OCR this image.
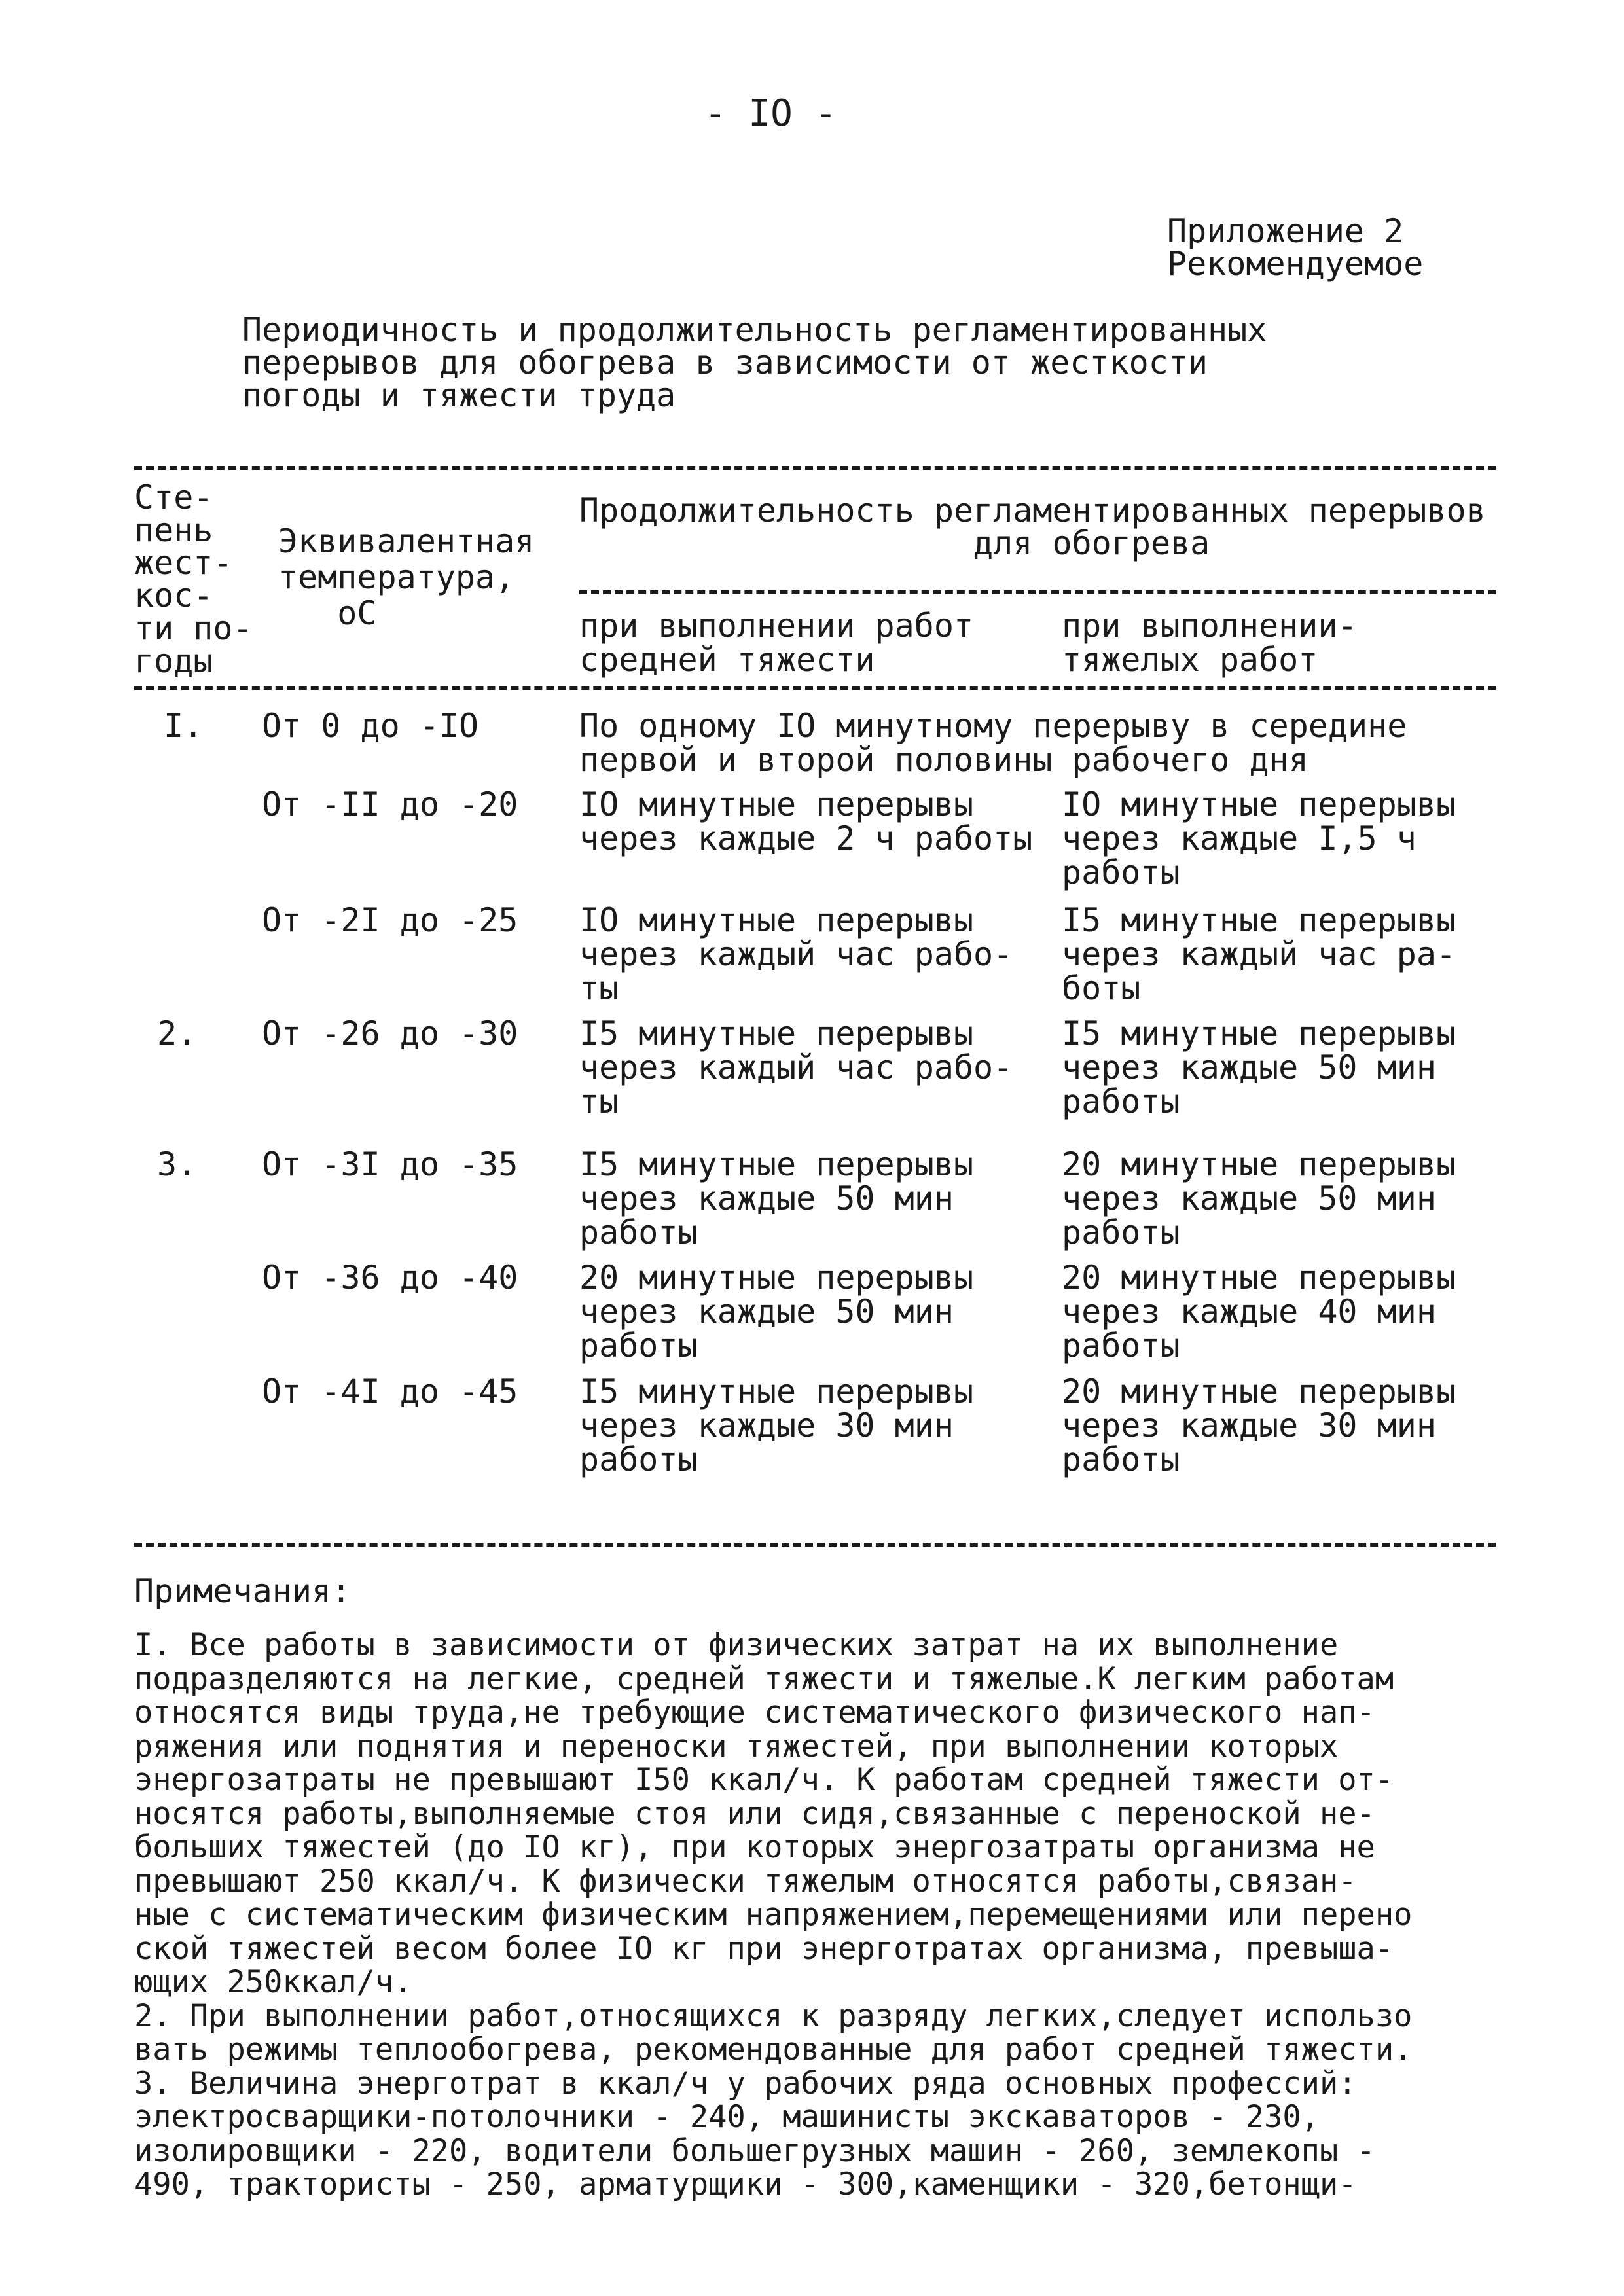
- IO -
Приложение 2
Рекомендуемое
Периодичность и продолжительность регламентированных
перерывов для обогрева в зависимости от жесткости
погоды и тяжести труда
Сте-
пень
жест-
кос-
ти по-
годы
Эквивалентная
температура,
oC
Продолжительность регламентированных перерывов
для обогрева
при выполнении работ
средней тяжести
при выполнении-
тяжелых работ
I. От 0 до -IO	По одному IO минутному перерыву в середине
первой и второй половины рабочего дня
От -II до -20 IO минутные перерывы
через каждые 2 ч работы
IO минутные перерывы
через каждые I,5 ч
работы
От -2I до -25 IO минутные перерывы
через каждый час рабо-
ты
I5 минутные перерывы
через каждый час ра-
боты
2. От -26 до -30 I5 минутные перерывы
через каждый час рабо-
ты
I5 минутные перерывы
через каждые 50 мин
работы
3. От -3I до -35 I5 минутные перерывы
через каждые 50 мин
работы
20 минутные перерывы
через каждые 50 мин
работы
От -36 до -40 20 минутные перерывы
через каждые 50 мин
работы
20 минутные перерывы
через каждые 40 мин
работы
От -4I до -45 I5 минутные перерывы
через каждые 30 мин
работы
20 минутные перерывы
через каждые 30 мин
работы
Примечания:
I. Все работы в зависимости от физических затрат на их выполнение
подразделяются на легкие, средней тяжести и тяжелые.К легким работам
относятся виды труда,не требующие систематического физического нап-
ряжения или поднятия и переноски тяжестей, при выполнении которых
энергозатраты не превышают I50 ккал/ч. К работам средней тяжести от-
носятся работы,выполняемые стоя или сидя,связанные с переноской не-
больших тяжестей (до IO кг), при которых энергозатраты организма не
превышают 250 ккал/ч. К физически тяжелым относятся работы,связан-
ные с систематическим физическим напряжением,перемещениями или перено
ской тяжестей весом более IO кг при энерготратах организма, превыша-
ющих 250ккал/ч.
2. При выполнении работ,относящихся к разряду легких,следует использо
вать режимы теплообогрева, рекомендованные для работ средней тяжести.
3. Величина энерготрат в ккал/ч у рабочих ряда основных профессий:
электросварщики-потолочники - 240, машинисты экскаваторов - 230,
изолировщики - 220, водители большегрузных машин - 260, землекопы -
490, трактористы - 250, арматурщики - 300,каменщики - 320,бетонщи-
